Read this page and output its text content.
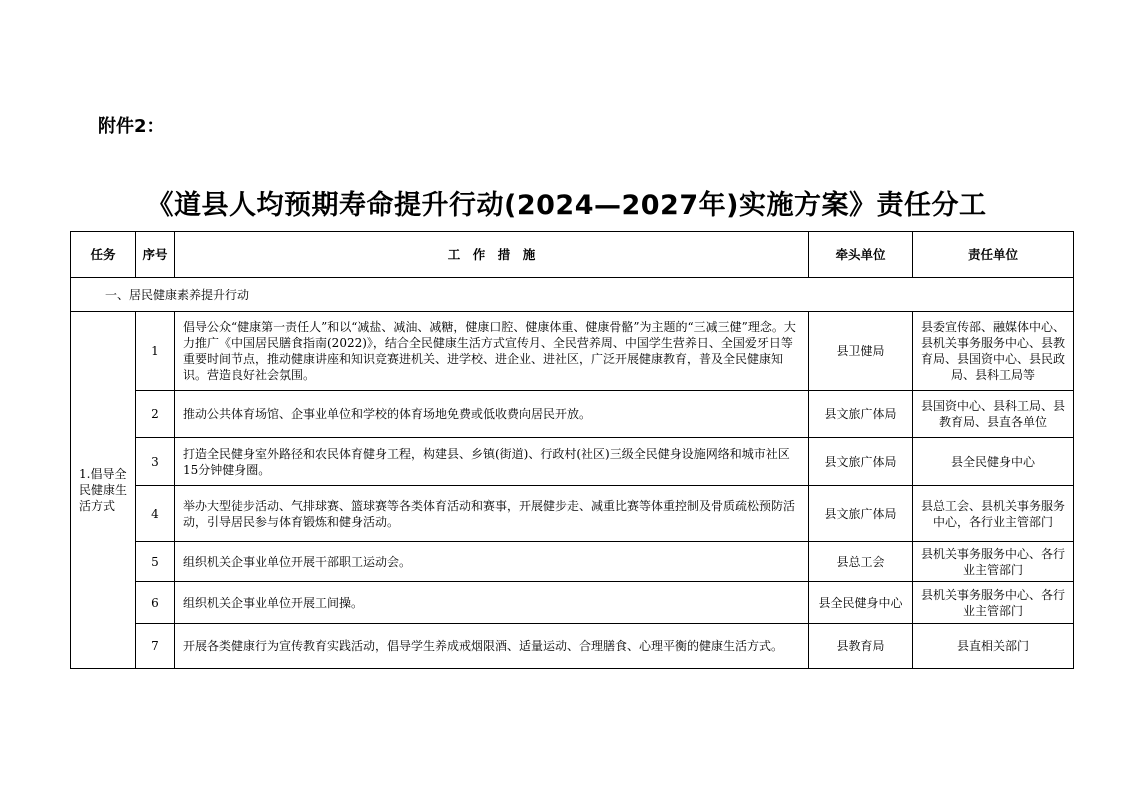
附件2：
《道县人均预期寿命提升行动(2024—2027年)实施方案》责任分工
任务	序号	工　作　措　施	牵头单位	责任单位
一、居民健康素养提升行动				
1.倡导全民健康生活方式	1	倡导公众“健康第一责任人”和以“减盐、减油、减糖，健康口腔、健康体重、健康骨骼”为主题的“三减三健”理念。大力推广《中国居民膳食指南(2022)》，结合全民健康生活方式宣传月、全民营养周、中国学生营养日、全国爱牙日等重要时间节点，推动健康讲座和知识竞赛进机关、进学校、进企业、进社区，广泛开展健康教育，普及全民健康知识。营造良好社会氛围。	县卫健局	县委宣传部、融媒体中心、县机关事务服务中心、县教育局、县国资中心、县民政局、县科工局等
	2	推动公共体育场馆、企事业单位和学校的体育场地免费或低收费向居民开放。	县文旅广体局	县国资中心、县科工局、县教育局、县直各单位
	3	打造全民健身室外路径和农民体育健身工程，构建县、乡镇(街道)、行政村(社区)三级全民健身设施网络和城市社区15分钟健身圈。	县文旅广体局	县全民健身中心
	4	举办大型徒步活动、气排球赛、篮球赛等各类体育活动和赛事，开展健步走、减重比赛等体重控制及骨质疏松预防活动，引导居民参与体育锻炼和健身活动。	县文旅广体局	县总工会、县机关事务服务中心，各行业主管部门
	5	组织机关企事业单位开展干部职工运动会。	县总工会	县机关事务服务中心、各行业主管部门
	6	组织机关企事业单位开展工间操。	县全民健身中心	县机关事务服务中心、各行业主管部门
	7	开展各类健康行为宣传教育实践活动，倡导学生养成戒烟限酒、适量运动、合理膳食、心理平衡的健康生活方式。	县教育局	县直相关部门
